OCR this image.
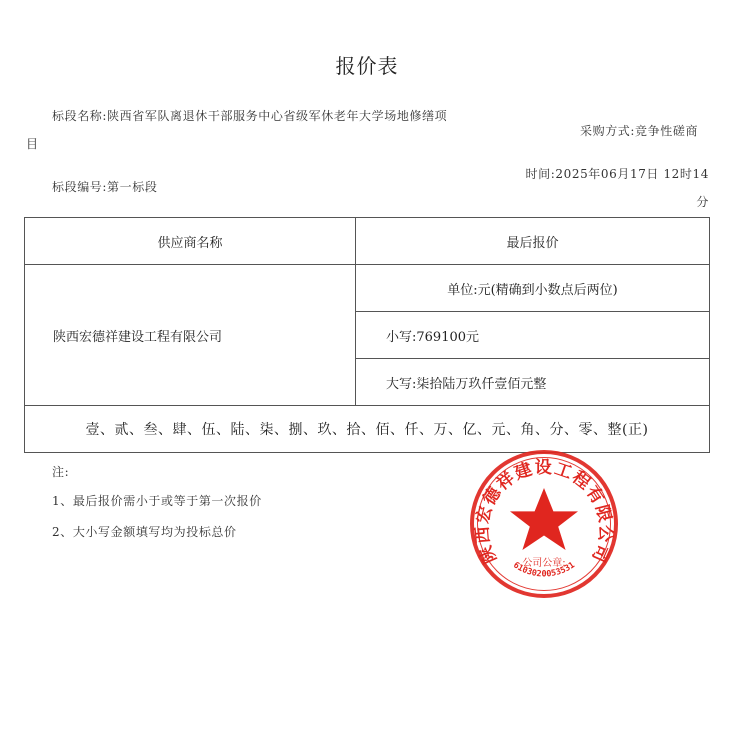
报价表
标段名称:陕西省军队离退休干部服务中心省级军休老年大学场地修缮项
目
采购方式:竞争性磋商
时间:2025年06月17日 12时14
分
标段编号:第一标段
供应商名称	最后报价
陕西宏德祥建设工程有限公司	单位:元(精确到小数点后两位)
	小写:769100元
	大写:柒拾陆万玖仟壹佰元整
壹、贰、叁、肆、伍、陆、柒、捌、玖、拾、佰、仟、万、亿、元、角、分、零、整(正)	
注:
1、最后报价需小于或等于第一次报价
2、大小写金额填写均为投标总价
陕西宏德祥建设工程有限公司
公司公章:
6103020053531
